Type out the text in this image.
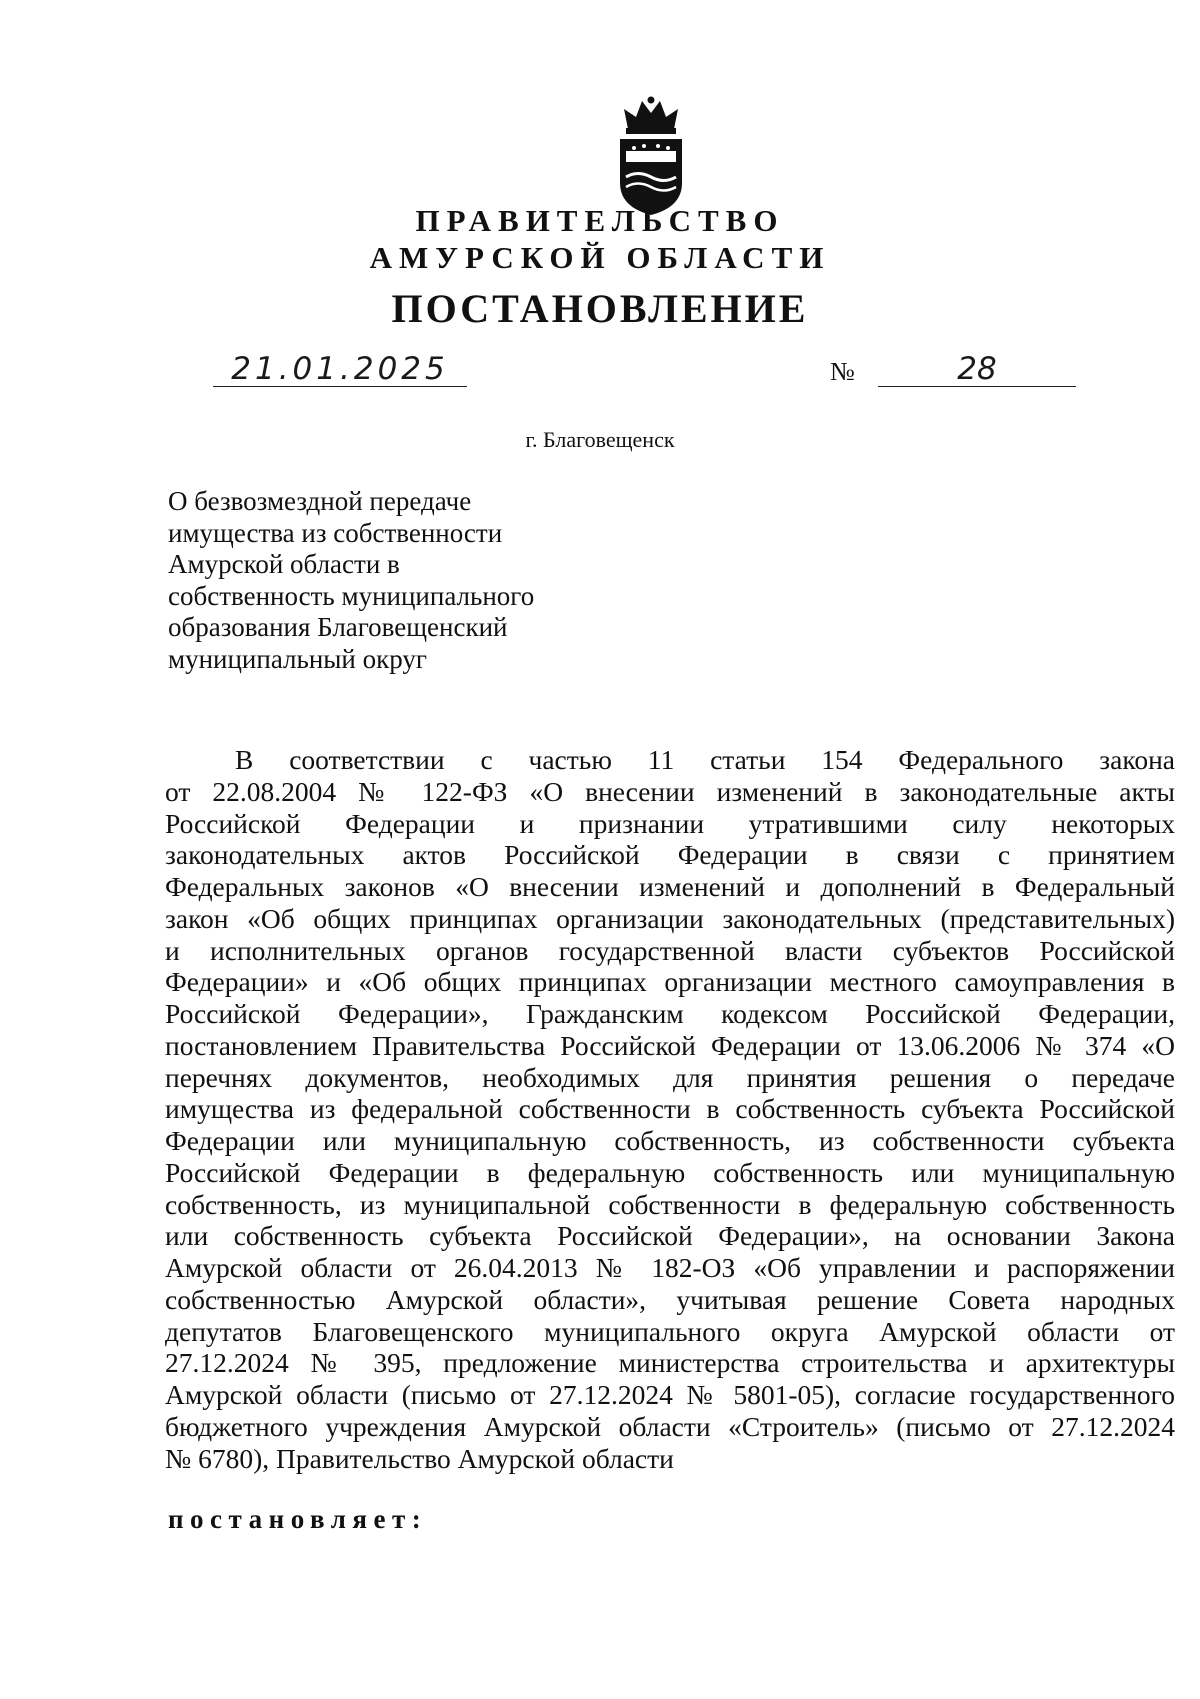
ПРАВИТЕЛЬСТВО
АМУРСКОЙ ОБЛАСТИ
ПОСТАНОВЛЕНИЕ
21.01.2025	№	28
г. Благовещенск
О безвозмездной передаче
имущества из собственности
Амурской области в
собственность муниципального
образования Благовещенский
муниципальный округ
В соответствии с частью 11 статьи 154 Федерального закона
от 22.08.2004 № 122-ФЗ «О внесении изменений в законодательные акты
Российской Федерации и признании утратившими силу некоторых
законодательных актов Российской Федерации в связи с принятием
Федеральных законов «О внесении изменений и дополнений в Федеральный
закон «Об общих принципах организации законодательных (представительных)
и исполнительных органов государственной власти субъектов Российской
Федерации» и «Об общих принципах организации местного самоуправления в
Российской Федерации», Гражданским кодексом Российской Федерации,
постановлением Правительства Российской Федерации от 13.06.2006 № 374 «О
перечнях документов, необходимых для принятия решения о передаче
имущества из федеральной собственности в собственность субъекта Российской
Федерации или муниципальную собственность, из собственности субъекта
Российской Федерации в федеральную собственность или муниципальную
собственность, из муниципальной собственности в федеральную собственность
или собственность субъекта Российской Федерации», на основании Закона
Амурской области от 26.04.2013 № 182-ОЗ «Об управлении и распоряжении
собственностью Амурской области», учитывая решение Совета народных
депутатов Благовещенского муниципального округа Амурской области от
27.12.2024 № 395, предложение министерства строительства и архитектуры
Амурской области (письмо от 27.12.2024 № 5801-05), согласие государственного
бюджетного учреждения Амурской области «Строитель» (письмо от 27.12.2024
№ 6780), Правительство Амурской области
постановляет:
